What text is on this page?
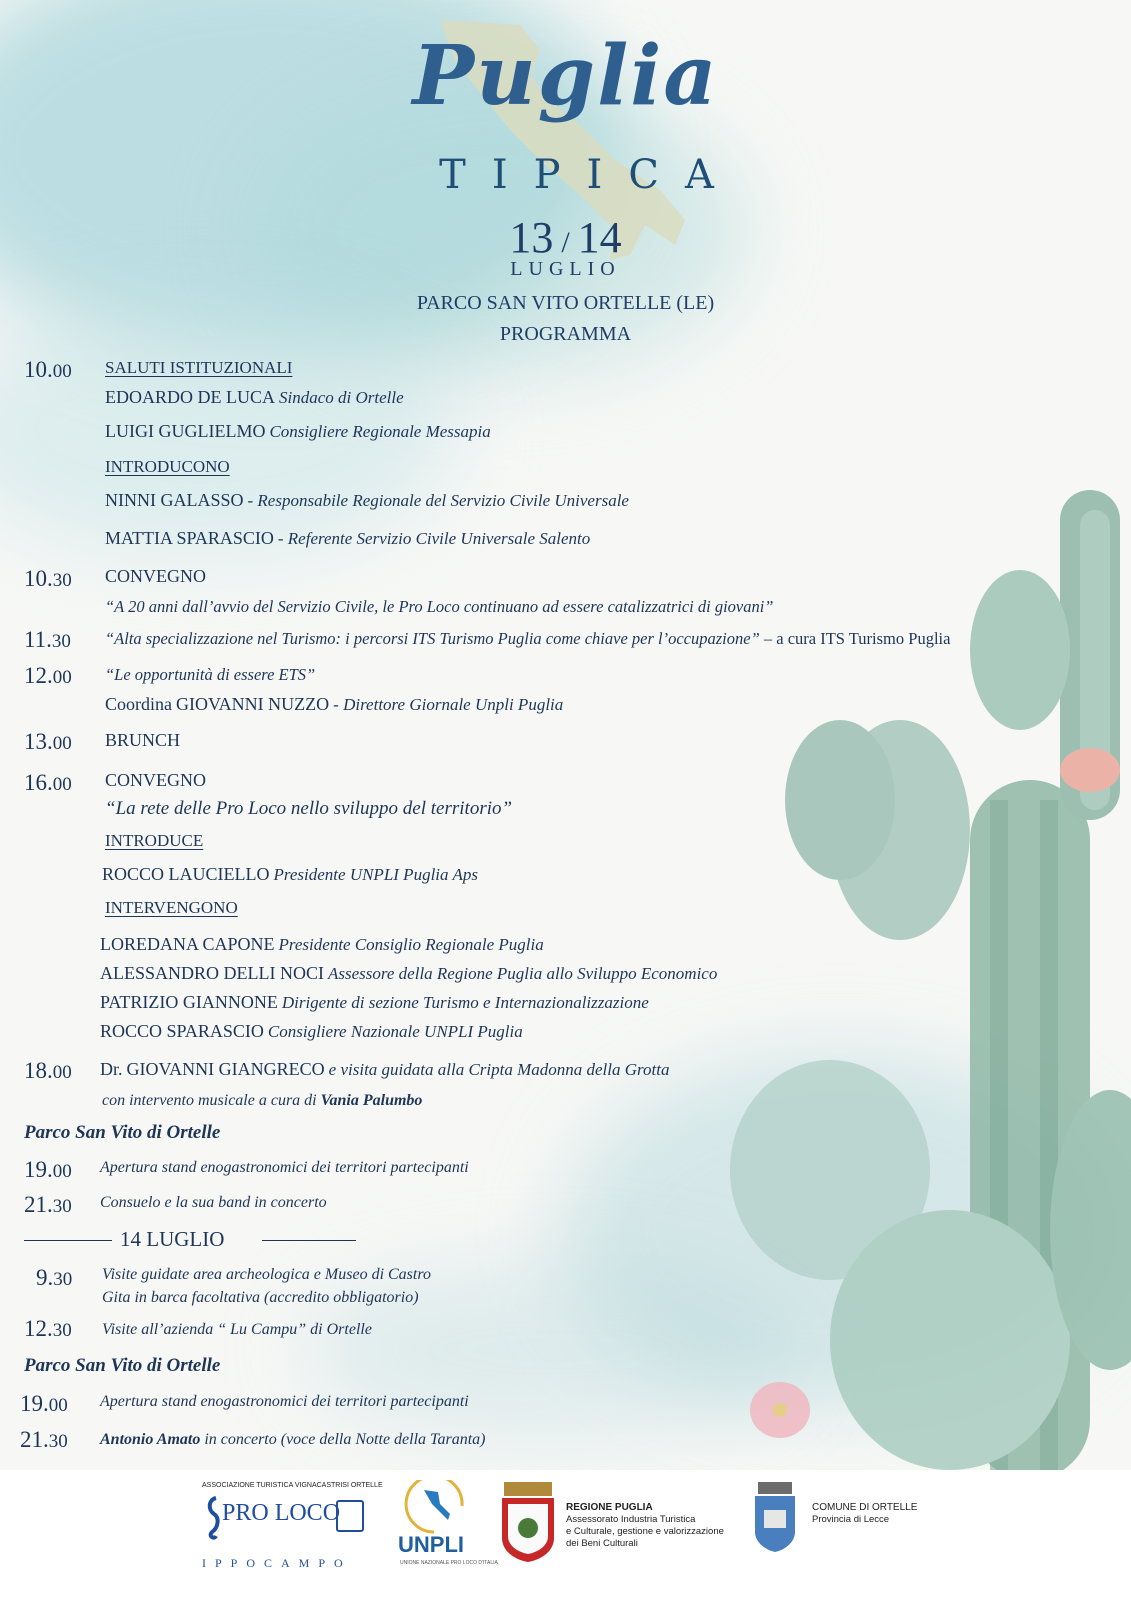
Puglia
TIPICA
13 / 14
LUGLIO
PARCO SAN VITO ORTELLE (LE)
PROGRAMMA
10.00 SALUTI ISTITUZIONALI
EDOARDO DE LUCA Sindaco di Ortelle
LUIGI GUGLIELMO Consigliere Regionale Messapia
INTRODUCONO
NINNI GALASSO - Responsabile Regionale del Servizio Civile Universale
MATTIA SPARASCIO - Referente Servizio Civile Universale Salento
10.30 CONVEGNO
“A 20 anni dall’avvio del Servizio Civile, le Pro Loco continuano ad essere catalizzatrici di giovani”
11.30 “Alta specializzazione nel Turismo: i percorsi ITS Turismo Puglia come chiave per l’occupazione” – a cura ITS Turismo Puglia
12.00 “Le opportunità di essere ETS”
Coordina GIOVANNI NUZZO - Direttore Giornale Unpli Puglia
13.00 BRUNCH
16.00 CONVEGNO
“La rete delle Pro Loco nello sviluppo del territorio”
INTRODUCE
ROCCO LAUCIELLO Presidente UNPLI Puglia Aps
INTERVENGONO
LOREDANA CAPONE Presidente Consiglio Regionale Puglia
ALESSANDRO DELLI NOCI Assessore della Regione Puglia allo Sviluppo Economico
PATRIZIO GIANNONE Dirigente di sezione Turismo e Internazionalizzazione
ROCCO SPARASCIO Consigliere Nazionale UNPLI Puglia
18.00 Dr. GIOVANNI GIANGRECO e visita guidata alla Cripta Madonna della Grotta
con intervento musicale a cura di Vania Palumbo
Parco San Vito di Ortelle
19.00 Apertura stand enogastronomici dei territori partecipanti
21.30 Consuelo e la sua band in concerto
14 LUGLIO
9.30 Visite guidate area archeologica e Museo di Castro
Gita in barca facoltativa (accredito obbligatorio)
12.30 Visite all’azienda “ Lu Campu” di Ortelle
Parco San Vito di Ortelle
19.00 Apertura stand enogastronomici dei territori partecipanti
21.30 Antonio Amato in concerto (voce della Notte della Taranta)
ASSOCIAZIONE TURISTICA VIGNACASTRISI ORTELLE
PRO LOCO
IPPOCAMPO
UNPLI
UNIONE NAZIONALE PRO LOCO D'ITALIA
REGIONE PUGLIA
Assessorato Industria Turistica
e Culturale, gestione e valorizzazione
dei Beni Culturali
COMUNE DI ORTELLE
Provincia di Lecce
